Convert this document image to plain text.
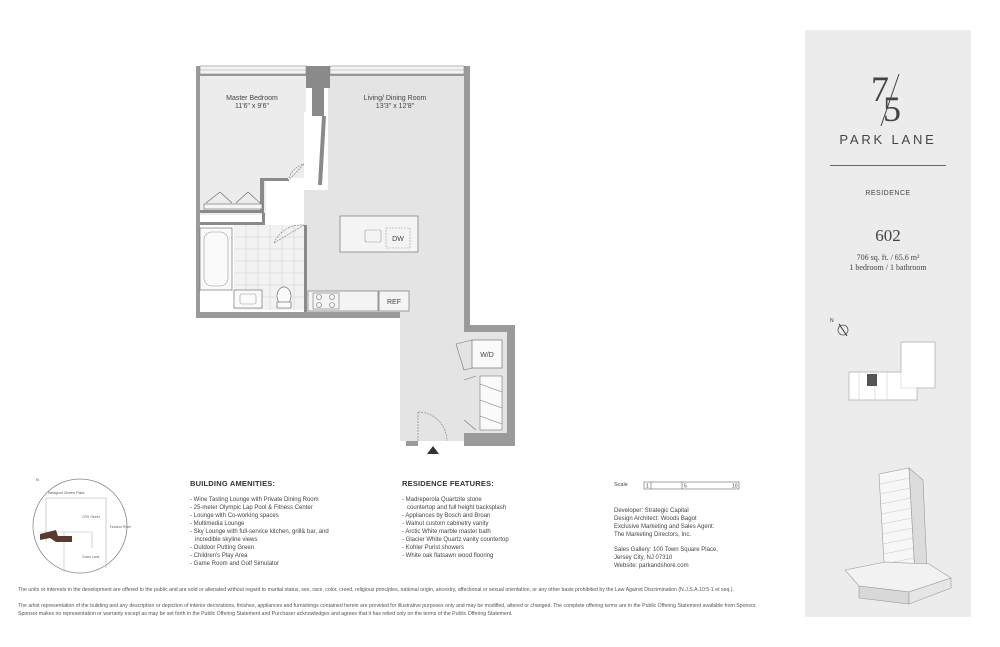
Master Bedroom
11'6" x 9'6"
Living/ Dining Room
13'3" x 12'8"
DW
REF
W/D
Newport Green Park
CRS Street
Hudson River
Gram Lane
N	BUILDING AMENITIES:
- Wine Tasting Lounge with Private Dining Room
- 25-meter Olympic Lap Pool & Fitness Center
- Lounge with Co-working spaces
- Multimedia Lounge
- Sky Lounge with full-service kitchen, grill& bar, and
incredible skyline views
- Outdoor Putting Green
- Children's Play Area
- Game Room and Golf Simulator
RESIDENCE FEATURES:
- Madreperola Quartzite stone
countertop and full height backsplash
- Appliances by Bosch and Broan
- Walnut custom cabinetry vanity
- Arctic White marble master bath
- Glacier White Quartz vanity countertop
- Kohler Purist showers
- White oak flatsawn wood flooring
Scale	1	5	10
Developer: Strategic Capital
Design Architect: Woods Bagot
Exclusive Marketing and Sales Agent:
The Marketing Directors, Inc.
Sales Gallery: 100 Town Square Place,
Jersey City, NJ 07310
Website: parkandshore.com
The units or interests in the development are offered to the public and are sold or alienated without regard to marital status, sex, race, color, creed, religious principles, national origin, ancestry, affectional or sexual orientation, or any other basis prohibited by the Law Against Discrimination (N.J.S.A.10:5-1 et seq.).
The artist representation of the building and any description or depiction of interior decorations, finishes, appliances and furnishings contained herein are provided for illustrative purposes only and may be modified, altered or changed. The complete offering terms are in the Public Offering Statement available from Sponsor. Sponsor makes no representation or warranty except as may be set forth in the Public Offering Statement and Purchaser acknowledges and agrees that it has relied only on the terms of the Public Offering Statement.
7
5
PARK LANE
RESIDENCE
602
706 sq. ft. / 65.6 m²
1 bedroom / 1 bathroom
N
